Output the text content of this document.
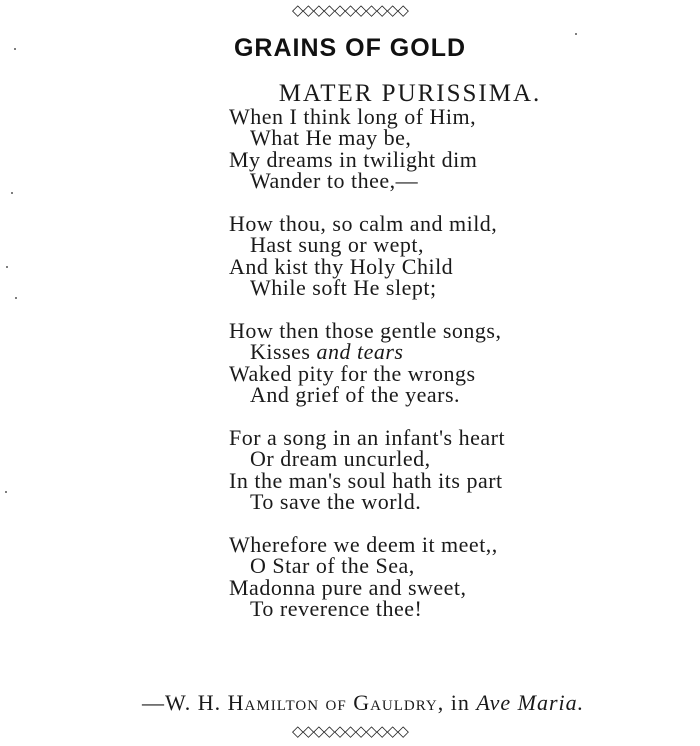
◇◇◇◇◇◇◇◇◇◇◇
GRAINS OF GOLD
MATER PURISSIMA.
When I think long of Him,
What He may be,
My dreams in twilight dim
Wander to thee,—
How thou, so calm and mild,
Hast sung or wept,
And kist thy Holy Child
While soft He slept;
How then those gentle songs,
Kisses and tears
Waked pity for the wrongs
And grief of the years.
For a song in an infant's heart
Or dream uncurled,
In the man's soul hath its part
To save the world.
Wherefore we deem it meet,,
O Star of the Sea,
Madonna pure and sweet,
To reverence thee!
—W. H. Hamilton of Gauldry, in Ave Maria.
◇◇◇◇◇◇◇◇◇◇◇
